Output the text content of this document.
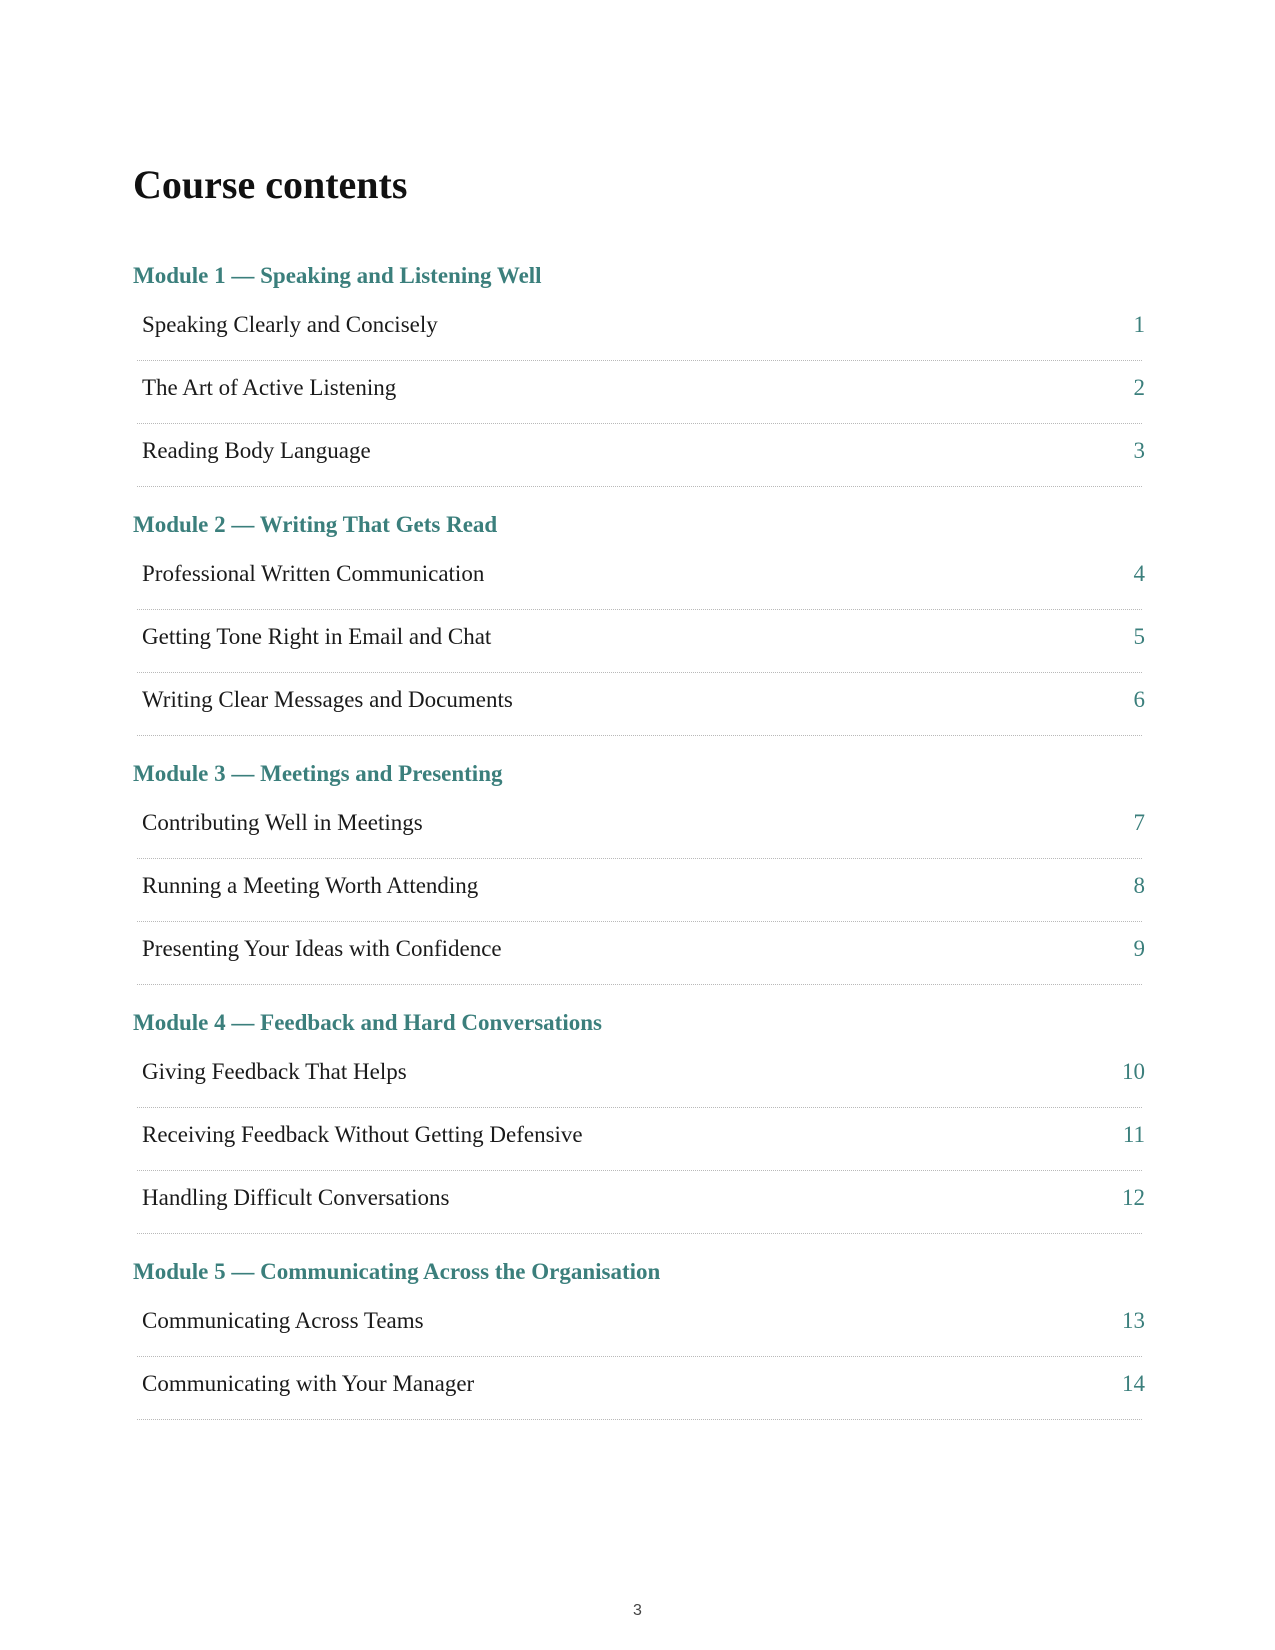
Course contents
Module 1 — Speaking and Listening Well
Speaking Clearly and Concisely	1
The Art of Active Listening	2
Reading Body Language	3
Module 2 — Writing That Gets Read
Professional Written Communication	4
Getting Tone Right in Email and Chat	5
Writing Clear Messages and Documents	6
Module 3 — Meetings and Presenting
Contributing Well in Meetings	7
Running a Meeting Worth Attending	8
Presenting Your Ideas with Confidence	9
Module 4 — Feedback and Hard Conversations
Giving Feedback That Helps	10
Receiving Feedback Without Getting Defensive	11
Handling Difficult Conversations	12
Module 5 — Communicating Across the Organisation
Communicating Across Teams	13
Communicating with Your Manager	14
3
